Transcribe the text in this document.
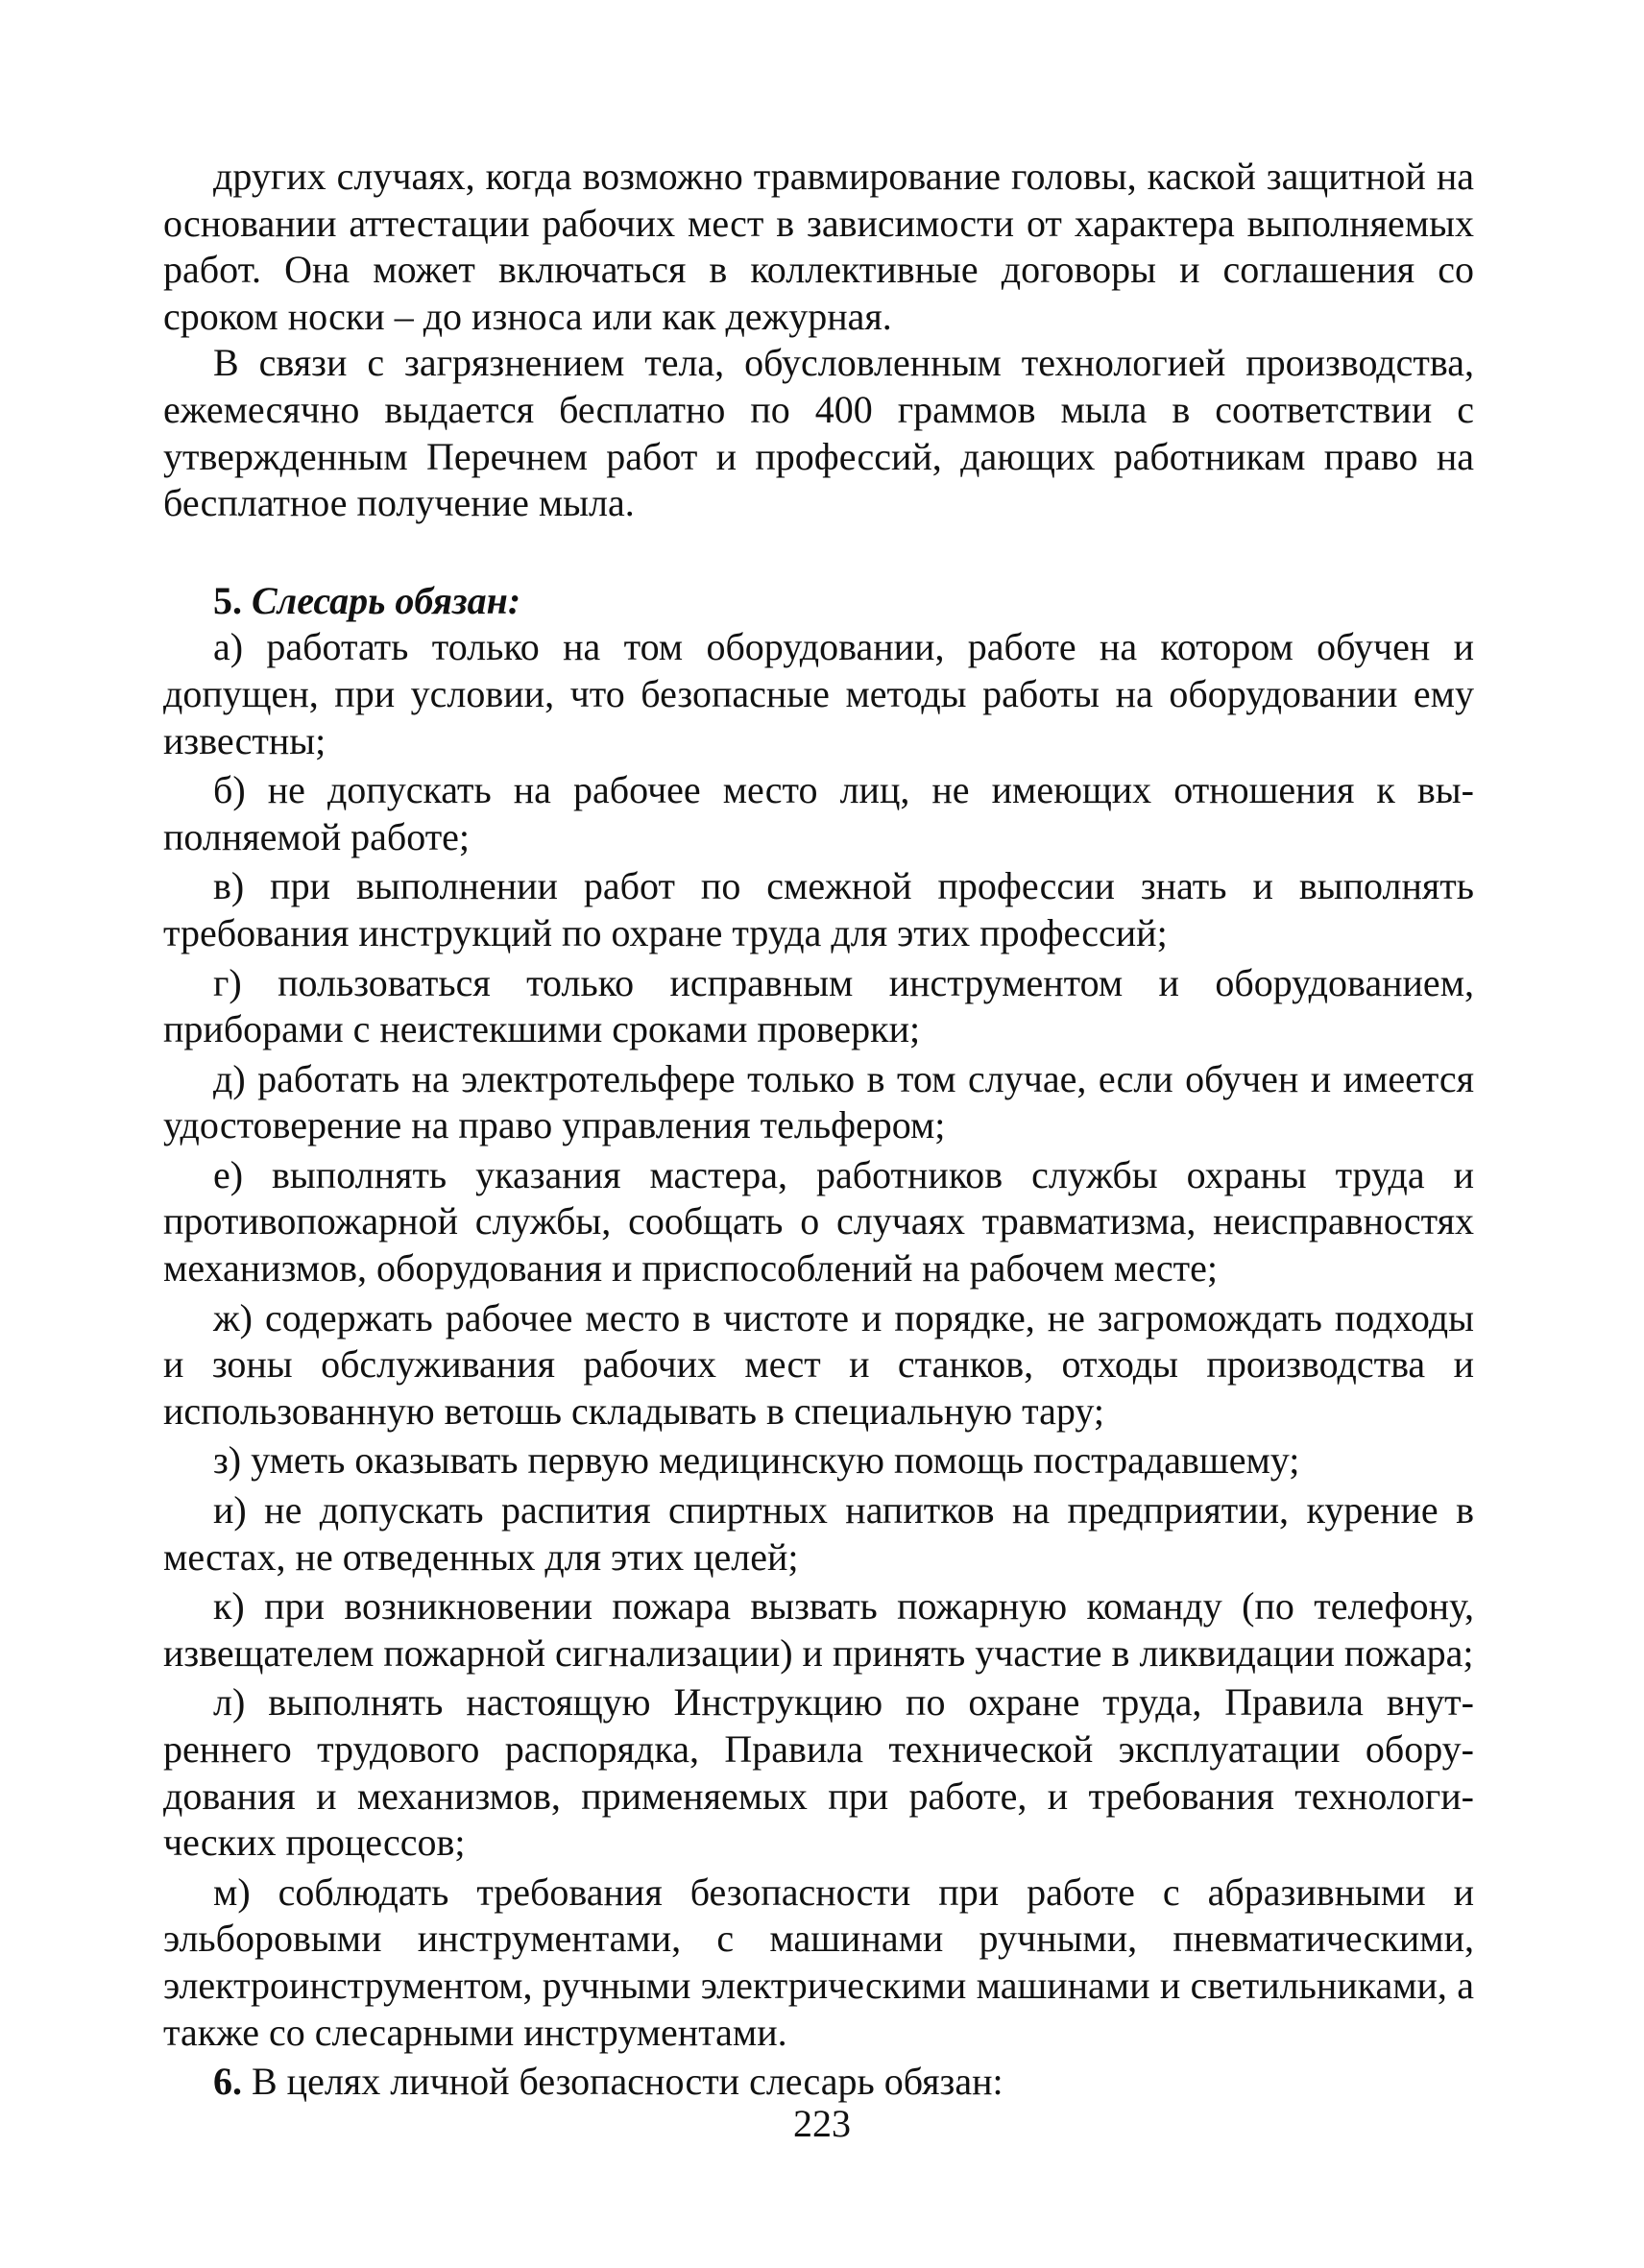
других случаях, когда возможно травмирование головы, каской защитной на основании аттестации рабочих мест в зависимости от характера выполняемых работ. Она может включаться в коллективные договоры и соглашения со сроком носки – до износа или как дежурная.

В связи с загрязнением тела, обусловленным технологией производства, ежемесячно выдается бесплатно по 400 граммов мыла в соответствии с утвержденным Перечнем работ и профессий, дающих работникам право на бесплатное получение мыла.

5. Слесарь обязан:

а) работать только на том оборудовании, работе на котором обучен и допущен, при условии, что безопасные методы работы на оборудовании ему известны;

б) не допускать на рабочее место лиц, не имеющих отношения к выполняемой работе;

в) при выполнении работ по смежной профессии знать и выполнять требования инструкций по охране труда для этих профессий;

г) пользоваться только исправным инструментом и оборудованием, приборами с неистекшими сроками проверки;

д) работать на электротельфере только в том случае, если обучен и имеется удостоверение на право управления тельфером;

е) выполнять указания мастера, работников службы охраны труда и противопожарной службы, сообщать о случаях травматизма, неисправностях механизмов, оборудования и приспособлений на рабочем месте;

ж) содержать рабочее место в чистоте и порядке, не загромождать подходы и зоны обслуживания рабочих мест и станков, отходы производства и использованную ветошь складывать в специальную тару;

з) уметь оказывать первую медицинскую помощь пострадавшему;

и) не допускать распития спиртных напитков на предприятии, курение в местах, не отведенных для этих целей;

к) при возникновении пожара вызвать пожарную команду (по телефону, извещателем пожарной сигнализации) и принять участие в ликвидации пожара;

л) выполнять настоящую Инструкцию по охране труда, Правила внутреннего трудового распорядка, Правила технической эксплуатации оборудования и механизмов, применяемых при работе, и требования технологических процессов;

м) соблюдать требования безопасности при работе с абразивными и эльборовыми инструментами, с машинами ручными, пневматическими, электроинструментом, ручными электрическими машинами и светильниками, а также со слесарными инструментами.

6. В целях личной безопасности слесарь обязан:

223
